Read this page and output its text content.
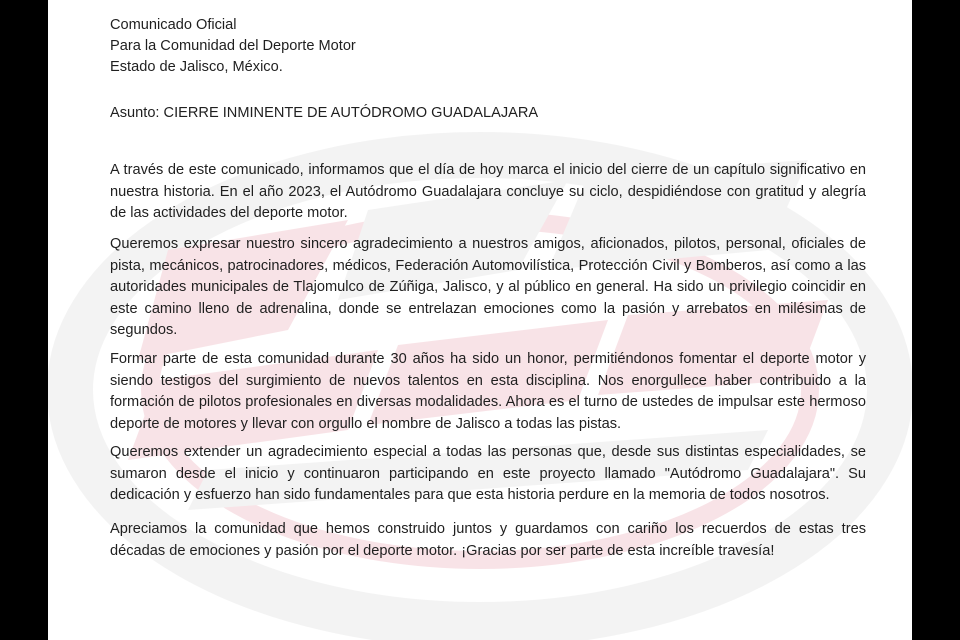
Comunicado Oficial
Para la Comunidad del Deporte Motor
Estado de Jalisco, México.
Asunto: CIERRE INMINENTE DE AUTÓDROMO GUADALAJARA

A través de este comunicado, informamos que el día de hoy marca el inicio del cierre de un capítulo significativo en nuestra historia. En el año 2023, el Autódromo Guadalajara concluye su ciclo, despidiéndose con gratitud y alegría de las actividades del deporte motor.

Queremos expresar nuestro sincero agradecimiento a nuestros amigos, aficionados, pilotos, personal, oficiales de pista, mecánicos, patrocinadores, médicos, Federación Automovilística, Protección Civil y Bomberos, así como a las autoridades municipales de Tlajomulco de Zúñiga, Jalisco, y al público en general. Ha sido un privilegio coincidir en este camino lleno de adrenalina, donde se entrelazan emociones como la pasión y arrebatos en milésimas de segundos.

Formar parte de esta comunidad durante 30 años ha sido un honor, permitiéndonos fomentar el deporte motor y siendo testigos del surgimiento de nuevos talentos en esta disciplina. Nos enorgullece haber contribuido a la formación de pilotos profesionales en diversas modalidades. Ahora es el turno de ustedes de impulsar este hermoso deporte de motores y llevar con orgullo el nombre de Jalisco a todas las pistas.

Queremos extender un agradecimiento especial a todas las personas que, desde sus distintas especialidades, se sumaron desde el inicio y continuaron participando en este proyecto llamado "Autódromo Guadalajara". Su dedicación y esfuerzo han sido fundamentales para que esta historia perdure en la memoria de todos nosotros.

Apreciamos la comunidad que hemos construido juntos y guardamos con cariño los recuerdos de estas tres décadas de emociones y pasión por el deporte motor. ¡Gracias por ser parte de esta increíble travesía!
